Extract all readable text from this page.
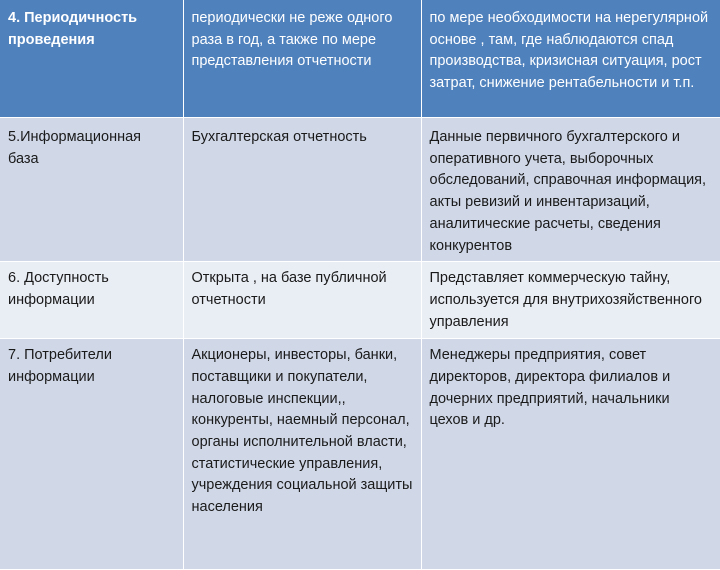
4. Периодичность проведения	периодически не реже одного раза в год, а также по мере представления отчетности	по мере необходимости на нерегулярной основе , там, где наблюдаются спад производства, кризисная ситуация, рост затрат, снижение рентабельности и т.п.
5.Информационная база	Бухгалтерская отчетность	Данные первичного бухгалтерского и оперативного учета, выборочных обследований, справочная информация, акты ревизий и инвентаризаций, аналитические расчеты, сведения конкурентов
6. Доступность информации	Открыта , на базе публичной отчетности	Представляет коммерческую тайну, используется для внутрихозяйственного управления
7. Потребители информации	Акционеры, инвесторы, банки, поставщики и покупатели, налоговые инспекции,, конкуренты, наемный персонал, органы исполнительной власти, статистические управления, учреждения социальной защиты населения	Менеджеры предприятия, совет директоров, директора филиалов и дочерних предприятий, начальники цехов и др.
